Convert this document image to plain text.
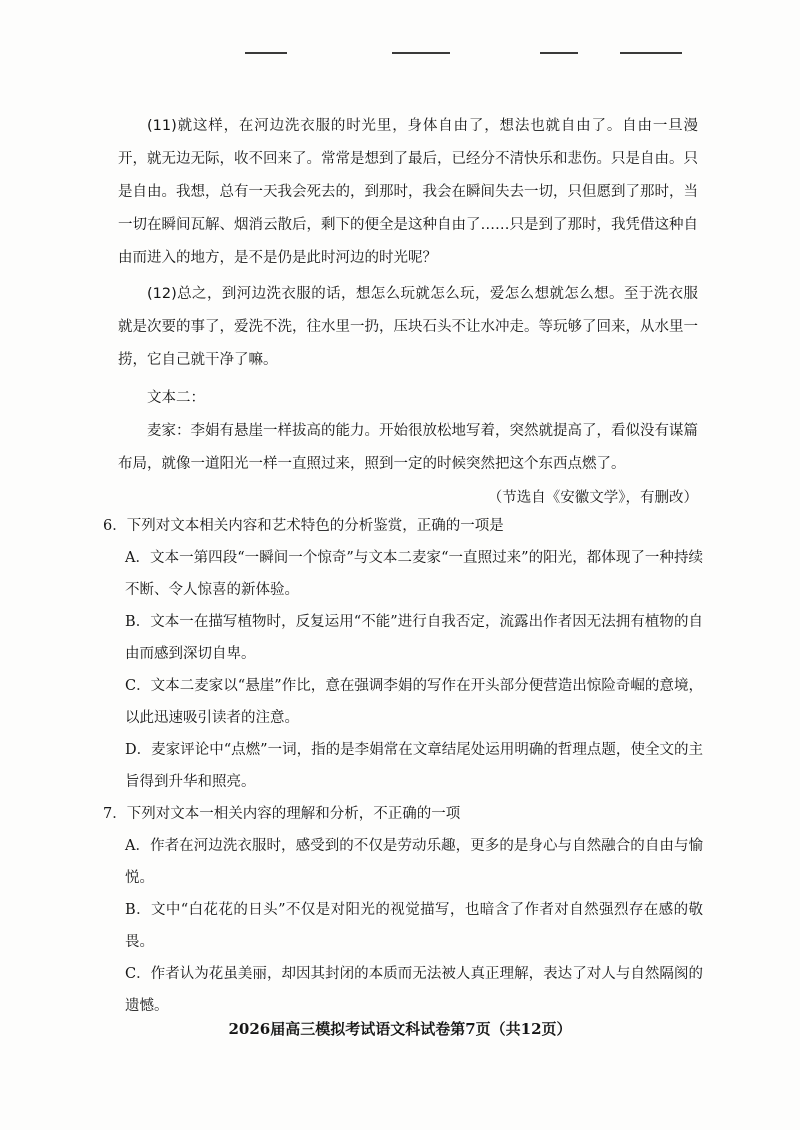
(11)就这样，在河边洗衣服的时光里，身体自由了，想法也就自由了。自由一旦漫开，就无边无际，收不回来了。常常是想到了最后，已经分不清快乐和悲伤。只是自由。只是自由。我想，总有一天我会死去的，到那时，我会在瞬间失去一切，只但愿到了那时，当一切在瞬间瓦解、烟消云散后，剩下的便全是这种自由了……只是到了那时，我凭借这种自由而进入的地方，是不是仍是此时河边的时光呢？

(12)总之，到河边洗衣服的话，想怎么玩就怎么玩，爱怎么想就怎么想。至于洗衣服就是次要的事了，爱洗不洗，往水里一扔，压块石头不让水冲走。等玩够了回来，从水里一捞，它自己就干净了嘛。

文本二：

麦家：李娟有悬崖一样拔高的能力。开始很放松地写着，突然就提高了，看似没有谋篇布局，就像一道阳光一样一直照过来，照到一定的时候突然把这个东西点燃了。

（节选自《安徽文学》，有删改）

6．下列对文本相关内容和艺术特色的分析鉴赏，正确的一项是

A．文本一第四段“一瞬间一个惊奇”与文本二麦家“一直照过来”的阳光，都体现了一种持续不断、令人惊喜的新体验。

B．文本一在描写植物时，反复运用“不能”进行自我否定，流露出作者因无法拥有植物的自由而感到深切自卑。

C．文本二麦家以“悬崖”作比，意在强调李娟的写作在开头部分便营造出惊险奇崛的意境，以此迅速吸引读者的注意。

D．麦家评论中“点燃”一词，指的是李娟常在文章结尾处运用明确的哲理点题，使全文的主旨得到升华和照亮。

7．下列对文本一相关内容的理解和分析，不正确的一项

A．作者在河边洗衣服时，感受到的不仅是劳动乐趣，更多的是身心与自然融合的自由与愉悦。

B．文中“白花花的日头”不仅是对阳光的视觉描写，也暗含了作者对自然强烈存在感的敬畏。

C．作者认为花虽美丽，却因其封闭的本质而无法被人真正理解，表达了对人与自然隔阂的遗憾。

2026届高三模拟考试语文科试卷第7页（共12页）
